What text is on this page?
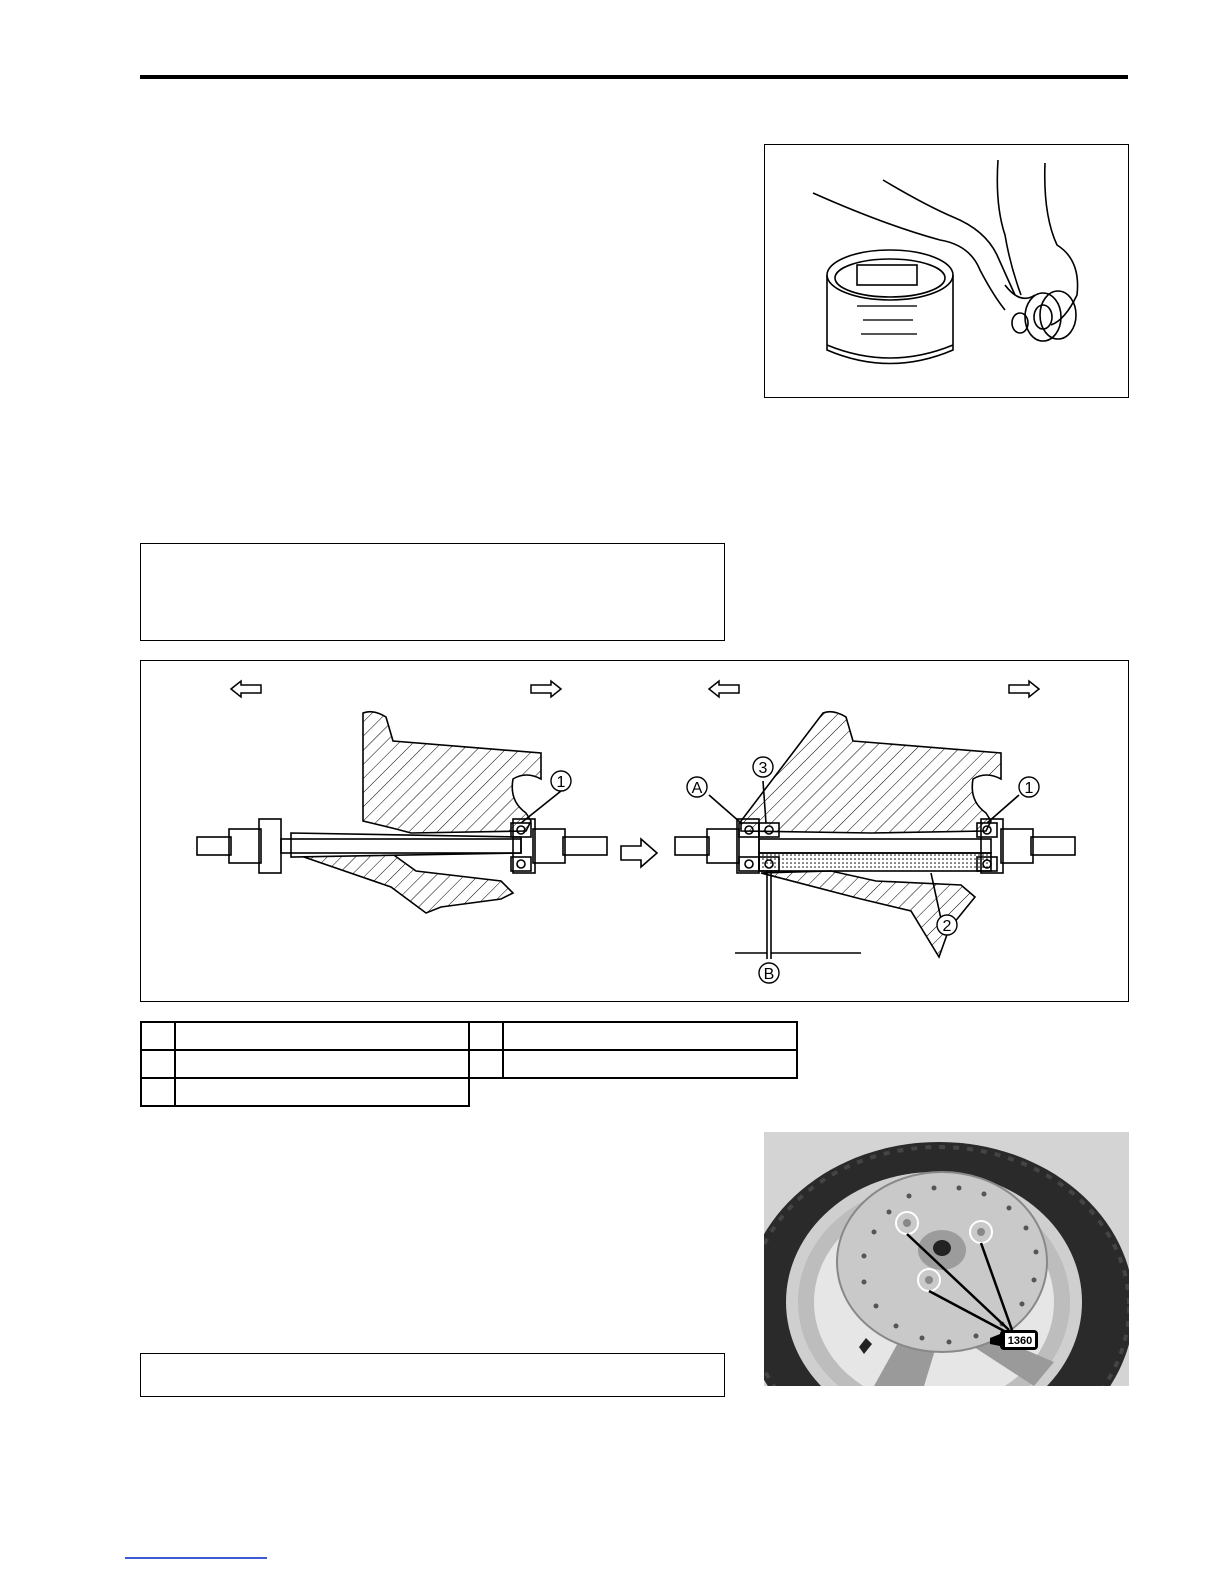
1
3
A	1
2
B

1360
